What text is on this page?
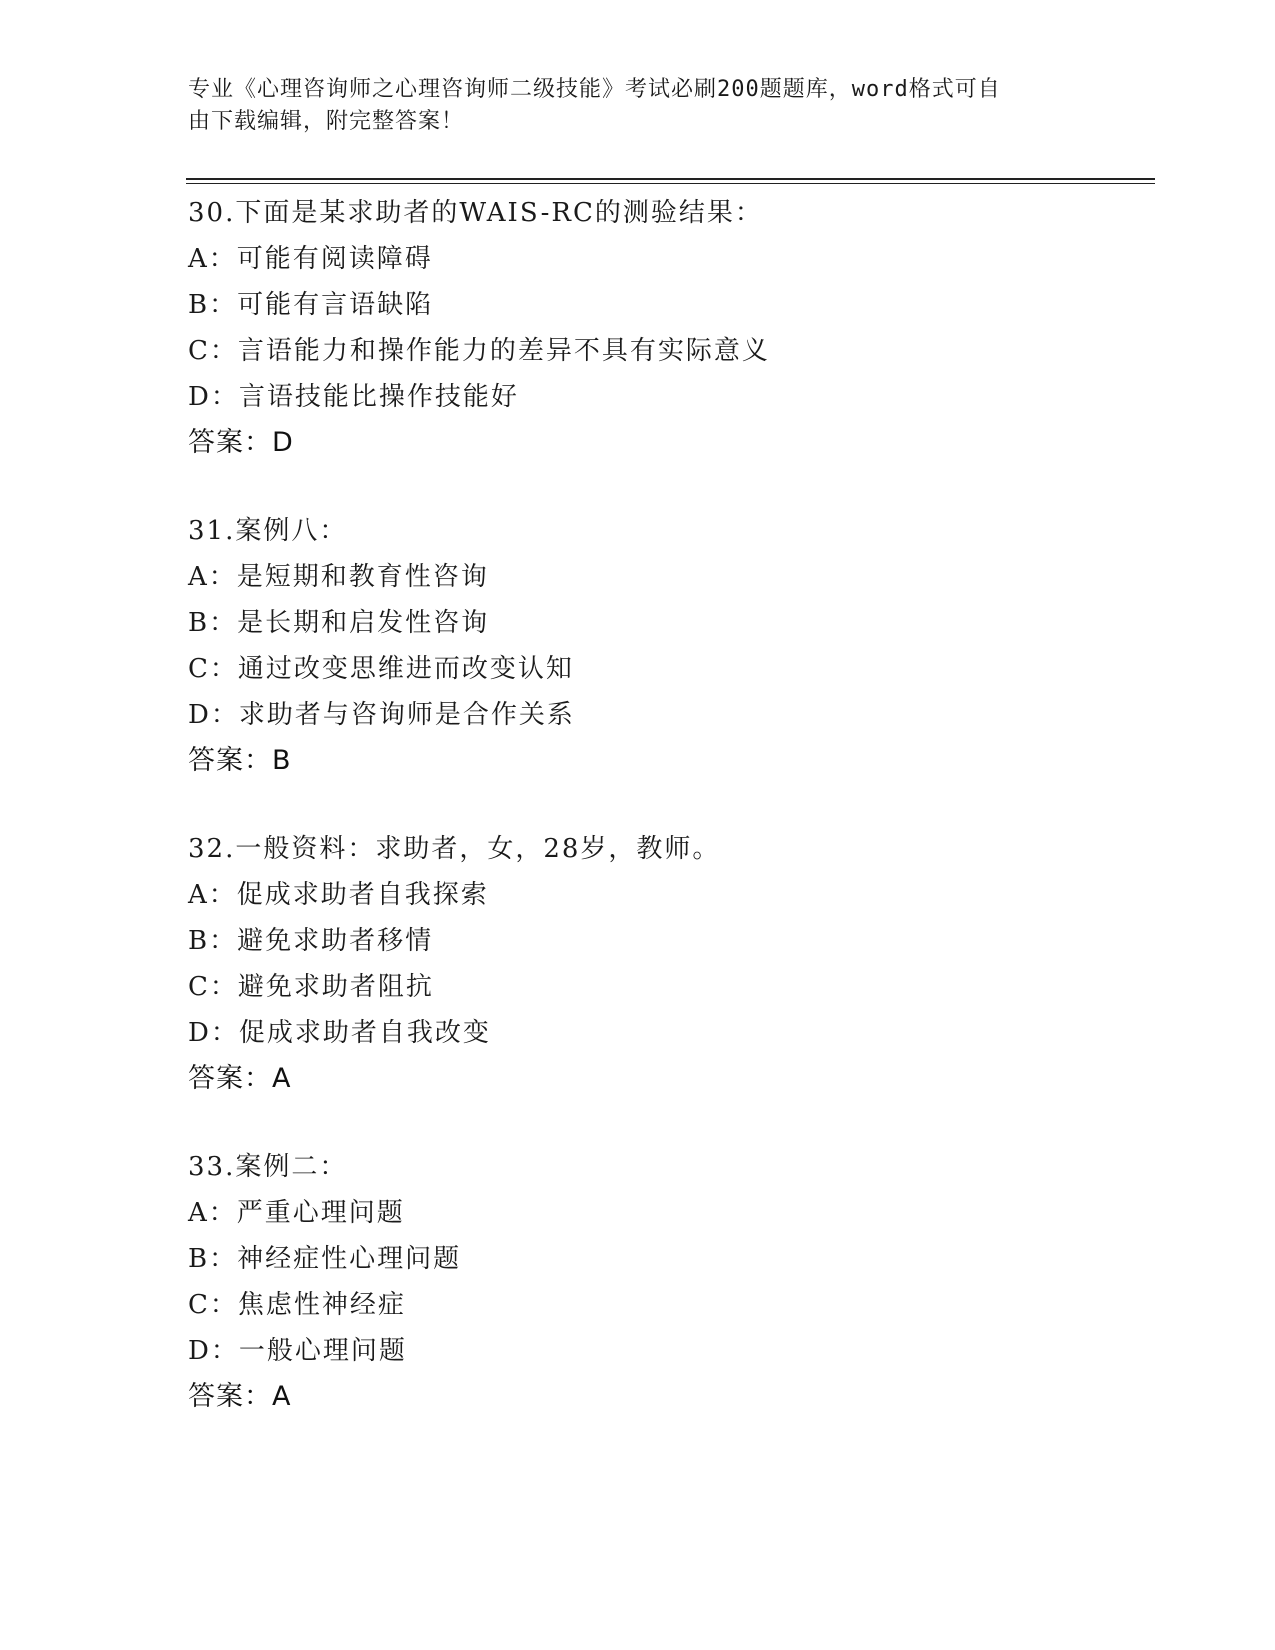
专业《心理咨询师之心理咨询师二级技能》考试必刷200题题库，word格式可自
由下载编辑，附完整答案！
30.下面是某求助者的WAIS-RC的测验结果：
A：可能有阅读障碍
B：可能有言语缺陷
C：言语能力和操作能力的差异不具有实际意义
D：言语技能比操作技能好
答案：D
31.案例八：
A：是短期和教育性咨询
B：是长期和启发性咨询
C：通过改变思维进而改变认知
D：求助者与咨询师是合作关系
答案：B
32.一般资料：求助者，女，28岁，教师。
A：促成求助者自我探索
B：避免求助者移情
C：避免求助者阻抗
D：促成求助者自我改变
答案：A
33.案例二：
A：严重心理问题
B：神经症性心理问题
C：焦虑性神经症
D：一般心理问题
答案：A
